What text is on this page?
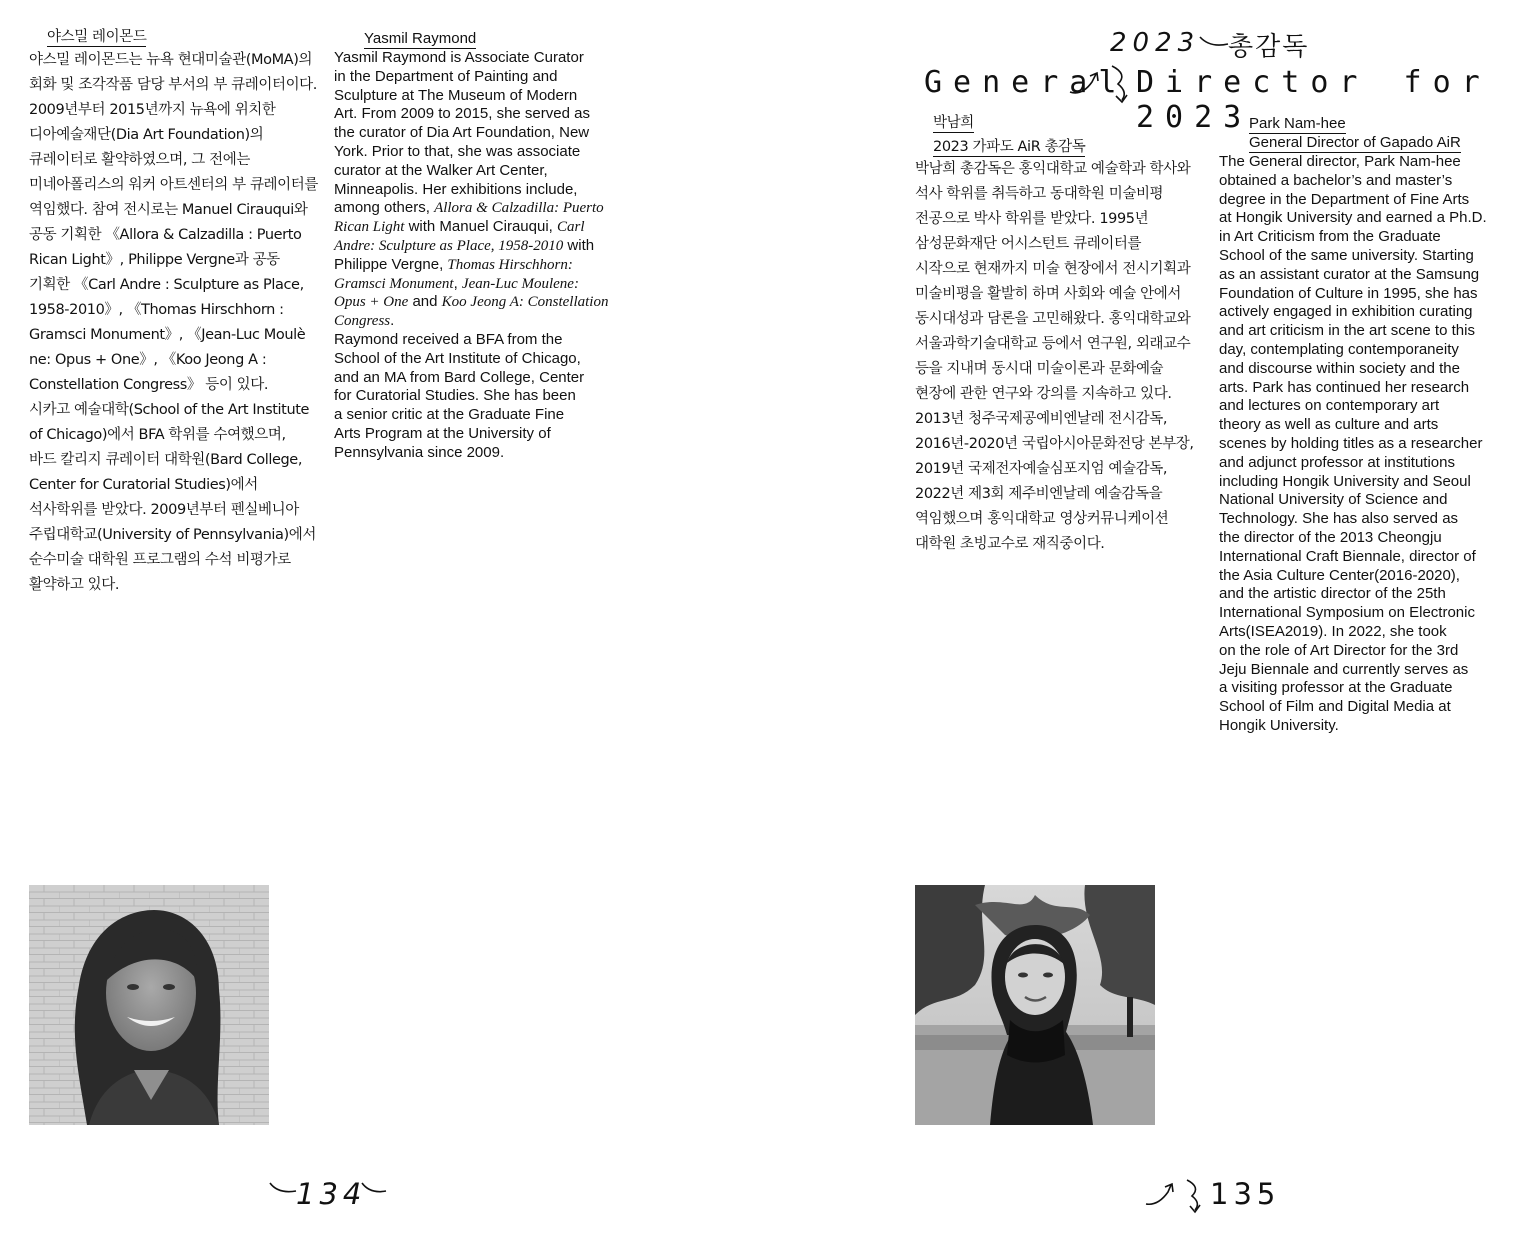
야스밀 레이몬드
야스밀 레이몬드는 뉴욕 현대미술관(MoMA)의
회화 및 조각작품 담당 부서의 부 큐레이터이다.
2009년부터 2015년까지 뉴욕에 위치한
디아예술재단(Dia Art Foundation)의
큐레이터로 활약하였으며, 그 전에는
미네아폴리스의 워커 아트센터의 부 큐레이터를
역임했다. 참여 전시로는 Manuel Cirauqui와
공동 기획한 《Allora & Calzadilla : Puerto
Rican Light》, Philippe Vergne과 공동
기획한 《Carl Andre : Sculpture as Place,
1958-2010》, 《Thomas Hirschhorn :
Gramsci Monument》, 《Jean-Luc Moulè
ne: Opus + One》, 《Koo Jeong A :
Constellation Congress》 등이 있다.
시카고 예술대학(School of the Art Institute
of Chicago)에서 BFA 학위를 수여했으며,
바드 칼리지 큐레이터 대학원(Bard College,
Center for Curatorial Studies)에서
석사학위를 받았다. 2009년부터 펜실베니아
주립대학교(University of Pennsylvania)에서
순수미술 대학원 프로그램의 수석 비평가로
활약하고 있다.
Yasmil Raymond
Yasmil Raymond is Associate Curator
in the Department of Painting and
Sculpture at The Museum of Modern
Art. From 2009 to 2015, she served as
the curator of Dia Art Foundation, New
York. Prior to that, she was associate
curator at the Walker Art Center,
Minneapolis. Her exhibitions include,
among others, Allora & Calzadilla: Puerto
Rican Light with Manuel Cirauqui, Carl
Andre: Sculpture as Place, 1958-2010 with
Philippe Vergne, Thomas Hirschhorn:
Gramsci Monument, Jean-Luc Moulene:
Opus + One and Koo Jeong A: Constellation
Congress.
Raymond received a BFA from the
School of the Art Institute of Chicago,
and an MA from Bard College, Center
for Curatorial Studies. She has been
a senior critic at the Graduate Fine
Arts Program at the University of
Pennsylvania since 2009.
134
2023 총감독
General Director for 2023
박남희
2023 가파도 AiR 총감독
박남희 총감독은 홍익대학교 예술학과 학사와
석사 학위를 취득하고 동대학원 미술비평
전공으로 박사 학위를 받았다. 1995년
삼성문화재단 어시스턴트 큐레이터를
시작으로 현재까지 미술 현장에서 전시기획과
미술비평을 활발히 하며 사회와 예술 안에서
동시대성과 담론을 고민해왔다. 홍익대학교와
서울과학기술대학교 등에서 연구원, 외래교수
등을 지내며 동시대 미술이론과 문화예술
현장에 관한 연구와 강의를 지속하고 있다.
2013년 청주국제공예비엔날레 전시감독,
2016년-2020년 국립아시아문화전당 본부장,
2019년 국제전자예술심포지엄 예술감독,
2022년 제3회 제주비엔날레 예술감독을
역임했으며 홍익대학교 영상커뮤니케이션
대학원 초빙교수로 재직중이다.
Park Nam-hee
General Director of Gapado AiR
The General director, Park Nam-hee
obtained a bachelor’s and master’s
degree in the Department of Fine Arts
at Hongik University and earned a Ph.D.
in Art Criticism from the Graduate
School of the same university. Starting
as an assistant curator at the Samsung
Foundation of Culture in 1995, she has
actively engaged in exhibition curating
and art criticism in the art scene to this
day, contemplating contemporaneity
and discourse within society and the
arts. Park has continued her research
and lectures on contemporary art
theory as well as culture and arts
scenes by holding titles as a researcher
and adjunct professor at institutions
including Hongik University and Seoul
National University of Science and
Technology. She has also served as
the director of the 2013 Cheongju
International Craft Biennale, director of
the Asia Culture Center(2016-2020),
and the artistic director of the 25th
International Symposium on Electronic
Arts(ISEA2019). In 2022, she took
on the role of Art Director for the 3rd
Jeju Biennale and currently serves as
a visiting professor at the Graduate
School of Film and Digital Media at
Hongik University.
135
